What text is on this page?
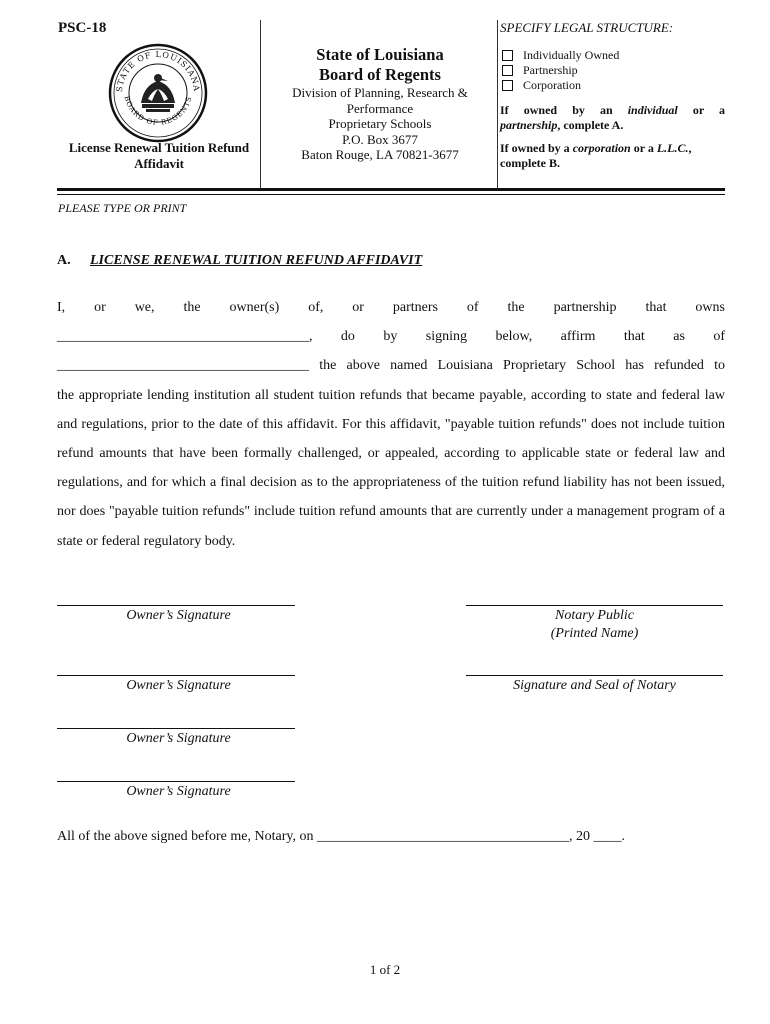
PSC-18
STATE OF LOUISIANA
BOARD OF REGENTS
License Renewal Tuition Refund Affidavit
State of Louisiana
Board of Regents
Division of Planning, Research &
Performance
Proprietary Schools
P.O. Box 3677
Baton Rouge, LA 70821-3677
SPECIFY LEGAL STRUCTURE:
Individually Owned
Partnership
Corporation
If owned by an individual or a
partnership, complete A.
If owned by a corporation or a L.L.C., complete B.
PLEASE TYPE OR PRINT
A. LICENSE RENEWAL TUITION REFUND AFFIDAVIT
I, or we, the owner(s) of, or partners of the partnership that owns
____________________________________, do by signing below, affirm that as of
____________________________________ the above named Louisiana Proprietary School has refunded to

the appropriate lending institution all student tuition refunds that became payable, according to state and federal law and regulations, prior to the date of this affidavit. For this affidavit, "payable tuition refunds" does not include tuition refund amounts that have been formally challenged, or appealed, according to applicable state or federal law and regulations, and for which a final decision as to the appropriateness of the tuition refund liability has not been issued, nor does "payable tuition refunds" include tuition refund amounts that are currently under a management program of a state or federal regulatory body.

Owner’s Signature	Notary Public
(Printed Name)
Owner’s Signature	Signature and Seal of Notary
Owner’s Signature
Owner’s Signature
All of the above signed before me, Notary, on ____________________________________, 20 ____.
1 of 2
